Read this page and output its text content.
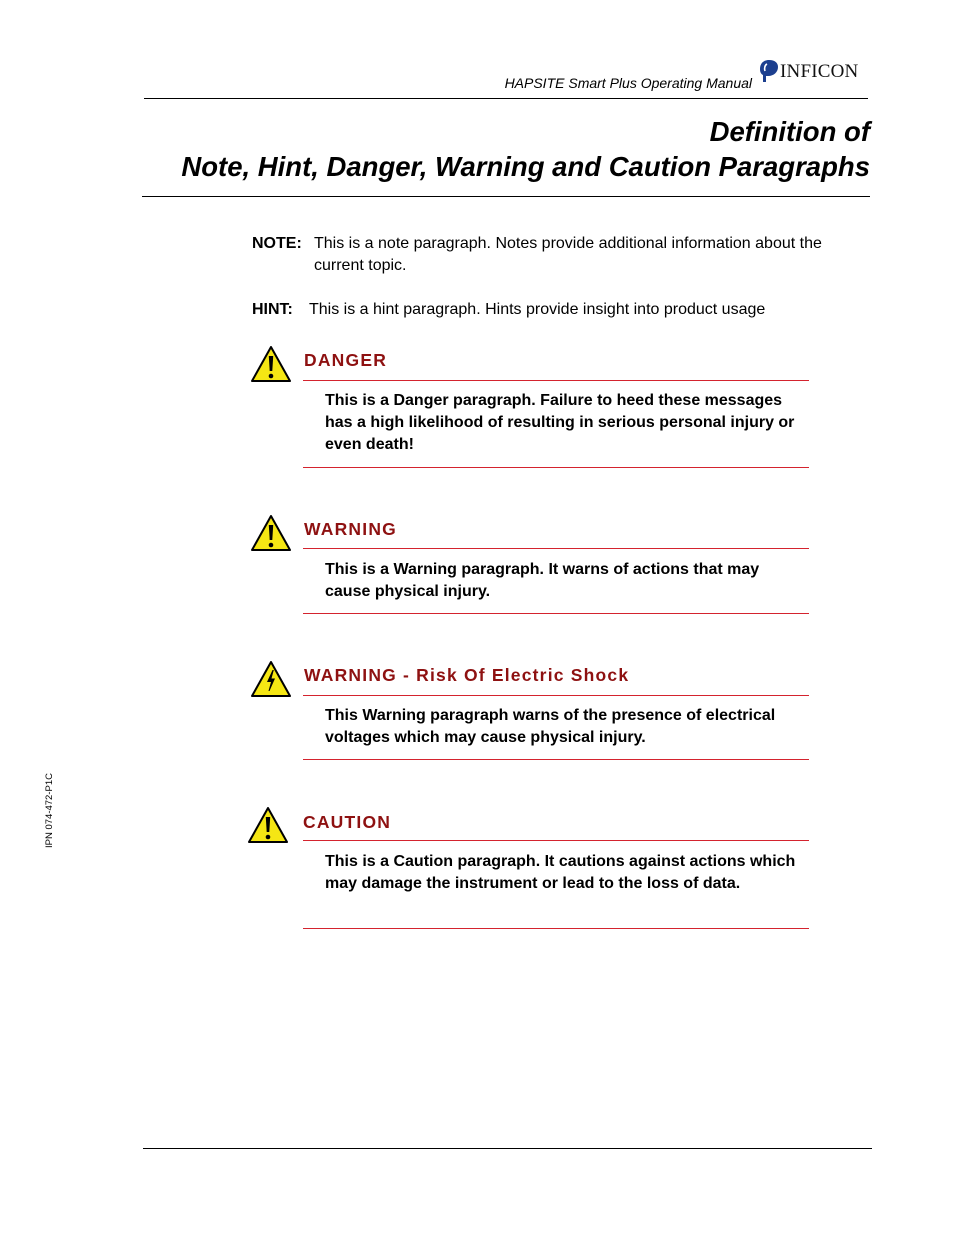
HAPSITE Smart Plus Operating Manual
INFICON
Definition of
Note, Hint, Danger, Warning and Caution Paragraphs
NOTE: This is a note paragraph. Notes provide additional information about the current topic.
HINT: This is a hint paragraph. Hints provide insight into product usage
DANGER
This is a Danger paragraph. Failure to heed these messages has a high likelihood of resulting in serious personal injury or even death!
WARNING
This is a Warning paragraph. It warns of actions that may cause physical injury.
WARNING - Risk Of Electric Shock
This Warning paragraph warns of the presence of electrical voltages which may cause physical injury.
CAUTION
This is a Caution paragraph. It cautions against actions which may damage the instrument or lead to the loss of data.
IPN 074-472-P1C
